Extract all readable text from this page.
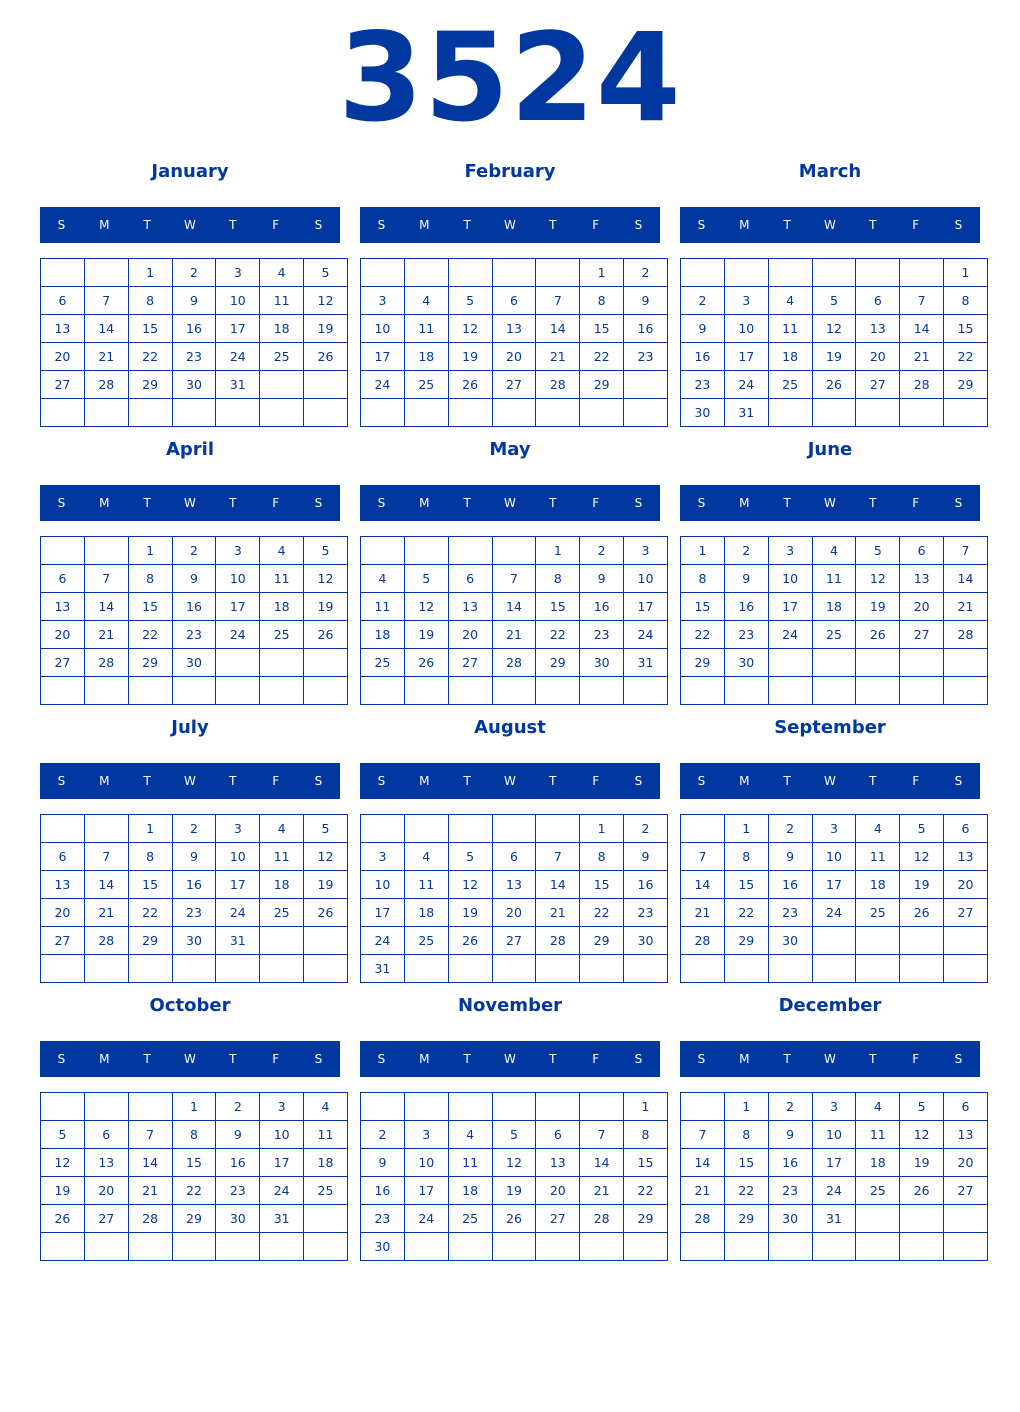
3524
January
S	M	T	W	T	F	S
		1	2	3	4	5
6	7	8	9	10	11	12
13	14	15	16	17	18	19
20	21	22	23	24	25	26
27	28	29	30	31		

February
S	M	T	W	T	F	S
					1	2
3	4	5	6	7	8	9
10	11	12	13	14	15	16
17	18	19	20	21	22	23
24	25	26	27	28	29	

March
S	M	T	W	T	F	S
						1
2	3	4	5	6	7	8
9	10	11	12	13	14	15
16	17	18	19	20	21	22
23	24	25	26	27	28	29
30	31					
April
S	M	T	W	T	F	S
		1	2	3	4	5
6	7	8	9	10	11	12
13	14	15	16	17	18	19
20	21	22	23	24	25	26
27	28	29	30			

May
S	M	T	W	T	F	S
				1	2	3
4	5	6	7	8	9	10
11	12	13	14	15	16	17
18	19	20	21	22	23	24
25	26	27	28	29	30	31

June
S	M	T	W	T	F	S
1	2	3	4	5	6	7
8	9	10	11	12	13	14
15	16	17	18	19	20	21
22	23	24	25	26	27	28
29	30					

July
S	M	T	W	T	F	S
		1	2	3	4	5
6	7	8	9	10	11	12
13	14	15	16	17	18	19
20	21	22	23	24	25	26
27	28	29	30	31		

August
S	M	T	W	T	F	S
					1	2
3	4	5	6	7	8	9
10	11	12	13	14	15	16
17	18	19	20	21	22	23
24	25	26	27	28	29	30
31						
September
S	M	T	W	T	F	S
	1	2	3	4	5	6
7	8	9	10	11	12	13
14	15	16	17	18	19	20
21	22	23	24	25	26	27
28	29	30				

October
S	M	T	W	T	F	S
			1	2	3	4
5	6	7	8	9	10	11
12	13	14	15	16	17	18
19	20	21	22	23	24	25
26	27	28	29	30	31	

November
S	M	T	W	T	F	S
						1
2	3	4	5	6	7	8
9	10	11	12	13	14	15
16	17	18	19	20	21	22
23	24	25	26	27	28	29
30						
December
S	M	T	W	T	F	S
	1	2	3	4	5	6
7	8	9	10	11	12	13
14	15	16	17	18	19	20
21	22	23	24	25	26	27
28	29	30	31			
